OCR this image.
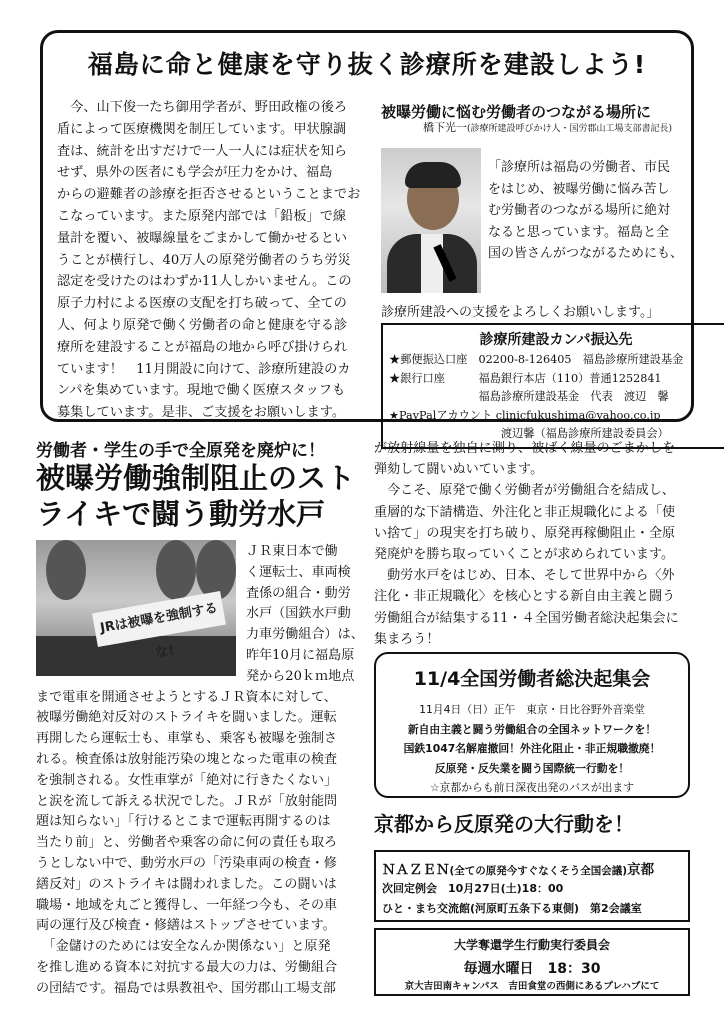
福島に命と健康を守り抜く診療所を建設しよう!
　今、山下俊一たち御用学者が、野田政権の後ろ
盾によって医療機関を制圧しています。甲状腺調
査は、統計を出すだけで一人一人には症状を知ら
せず、県外の医者にも学会が圧力をかけ、福島
からの避難者の診療を拒否させるということまでお
こなっています。また原発内部では「鉛板」で線
量計を覆い、被曝線量をごまかして働かせるとい
うことが横行し、40万人の原発労働者のうち労災
認定を受けたのはわずか11人しかいません。この
原子力村による医療の支配を打ち破って、全ての
人、何より原発で働く労働者の命と健康を守る診
療所を建設することが福島の地から呼び掛けられ
ています！　11月開設に向けて、診療所建設のカ
ンパを集めています。現地で働く医療スタッフも
募集しています。是非、ご支援をお願いします。
被曝労働に悩む労働者のつながる場所に
橋下光一(診療所建設呼びかけ人・国労郡山工場支部書記長)
「診療所は福島の労働者、市民
をはじめ、被曝労働に悩み苦し
む労働者のつながる場所に絶対
なると思っています。福島と全
国の皆さんがつながるためにも、
診療所建設への支援をよろしくお願いします。」
診療所建設カンパ振込先
★郵便振込口座　02200-8-126405　福島診療所建設基金
★銀行口座　　　福島銀行本店（110）普通1252841
　　　　　　　　福島診療所建設基金　代表　渡辺　馨
★PayPalアカウント clinicfukushima@yahoo.co.jp
　　　　　　　　　　渡辺馨（福島診療所建設委員会）
労働者・学生の手で全原発を廃炉に！
被曝労働強制阻止のスト
ライキで闘う動労水戸
JRは被曝を強制するな!
ＪＲ東日本で働
く運転士、車両検
査係の組合・動労
水戸（国鉄水戸動
力車労働組合）は、
昨年10月に福島原
発から20ｋｍ地点
まで電車を開通させようとするＪＲ資本に対して、
被曝労働絶対反対のストライキを闘いました。運転
再開したら運転士も、車掌も、乗客も被曝を強制さ
れる。検査係は放射能汚染の塊となった電車の検査
を強制される。女性車掌が「絶対に行きたくない」
と涙を流して訴える状況でした。ＪＲが「放射能問
題は知らない」「行けるとこまで運転再開するのは
当たり前」と、労働者や乗客の命に何の責任も取ろ
うとしない中で、動労水戸の「汚染車両の検査・修
繕反対」のストライキは闘われました。この闘いは
職場・地域を丸ごと獲得し、一年経つ今も、その車
両の運行及び検査・修繕はストップさせています。
　「金儲けのためには安全なんか関係ない」と原発
を推し進める資本に対抗する最大の力は、労働組合
の団結です。福島では県教祖や、国労郡山工場支部
が放射線量を独自に測り、被ばく線量のごまかしを
弾劾して闘いぬいています。
　今こそ、原発で働く労働者が労働組合を結成し、
重層的な下請構造、外注化と非正規職化による「使
い捨て」の現実を打ち破り、原発再稼働阻止・全原
発廃炉を勝ち取っていくことが求められています。
　動労水戸をはじめ、日本、そして世界中から〈外
注化・非正規職化〉を核心とする新自由主義と闘う
労働組合が結集する11・４全国労働者総決起集会に
集まろう！
11/4全国労働者総決起集会
11月4日（日）正午　東京・日比谷野外音楽堂
新自由主義と闘う労働組合の全国ネットワークを！
国鉄1047名解雇撤回！外注化阻止・非正規職撤廃！
反原発・反失業を闘う国際統一行動を！
☆京都からも前日深夜出発のバスが出ます
京都から反原発の大行動を！
ＮＡＺＥＮ(全ての原発今すぐなくそう全国会議)京都
次回定例会　10月27日(土)18：00
ひと・まち交流館(河原町五条下る東側)　第2会議室
大学奪還学生行動実行委員会
毎週水曜日　18：30
京大吉田南キャンパス　吉田食堂の西側にあるプレハブにて
